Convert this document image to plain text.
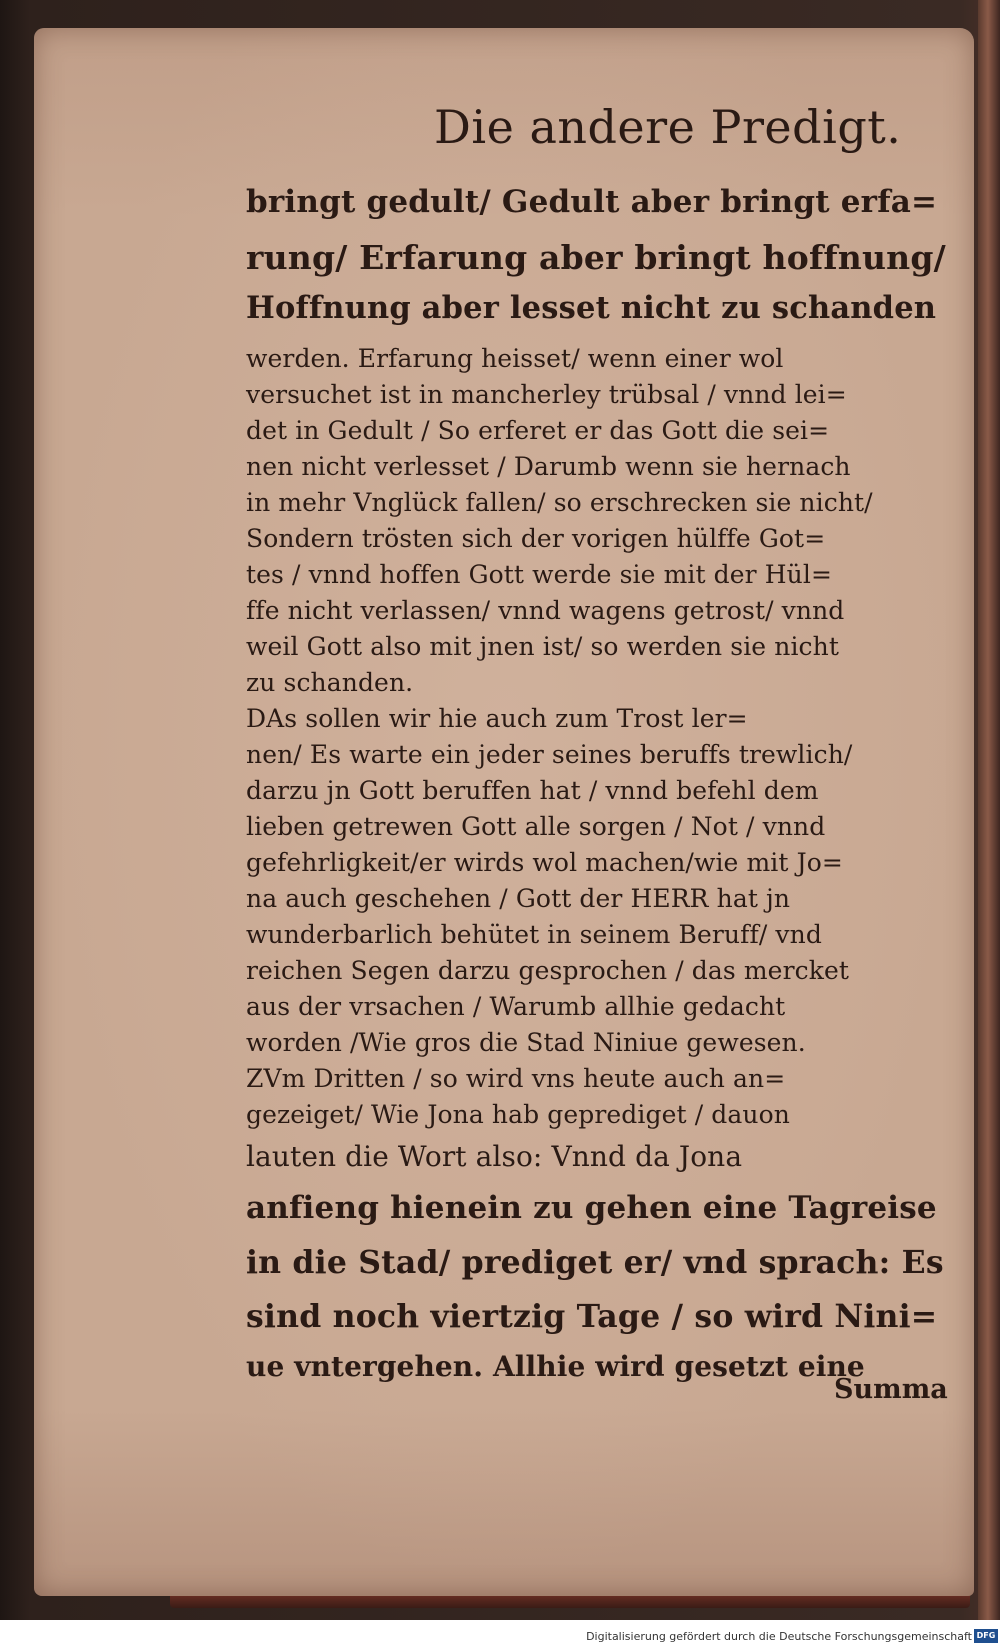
Die andere Predigt.
bringt gedult/ Gedult aber bringt erfa=
rung/ Erfarung aber bringt hoffnung/
Hoffnung aber lesset nicht zu schanden
werden. Erfarung heisset/ wenn einer wol
versuchet ist in mancherley trübsal / vnnd lei=
det in Gedult / So erferet er das Gott die sei=
nen nicht verlesset / Darumb wenn sie hernach
in mehr Vnglück fallen/ so erschrecken sie nicht/
Sondern trösten sich der vorigen hülffe Got=
tes / vnnd hoffen Gott werde sie mit der Hül=
ffe nicht verlassen/ vnnd wagens getrost/ vnnd
weil Gott also mit jnen ist/ so werden sie nicht
zu schanden.
DAs sollen wir hie auch zum Trost ler=
nen/ Es warte ein jeder seines beruffs trewlich/
darzu jn Gott beruffen hat / vnnd befehl dem
lieben getrewen Gott alle sorgen / Not / vnnd
gefehrligkeit/er wirds wol machen/wie mit Jo=
na auch geschehen / Gott der HERR hat jn
wunderbarlich behütet in seinem Beruff/ vnd
reichen Segen darzu gesprochen / das mercket
aus der vrsachen / Warumb allhie gedacht
worden /Wie gros die Stad Niniue gewesen.
ZVm Dritten / so wird vns heute auch an=
gezeiget/ Wie Jona hab geprediget / dauon
lauten die Wort also: Vnnd da Jona
anfieng hienein zu gehen eine Tagreise
in die Stad/ prediget er/ vnd sprach: Es
sind noch viertzig Tage / so wird Nini=
ue vntergehen. Allhie wird gesetzt eine
Summa
Digitalisierung gefördert durch die Deutsche Forschungsgemeinschaft DFG
